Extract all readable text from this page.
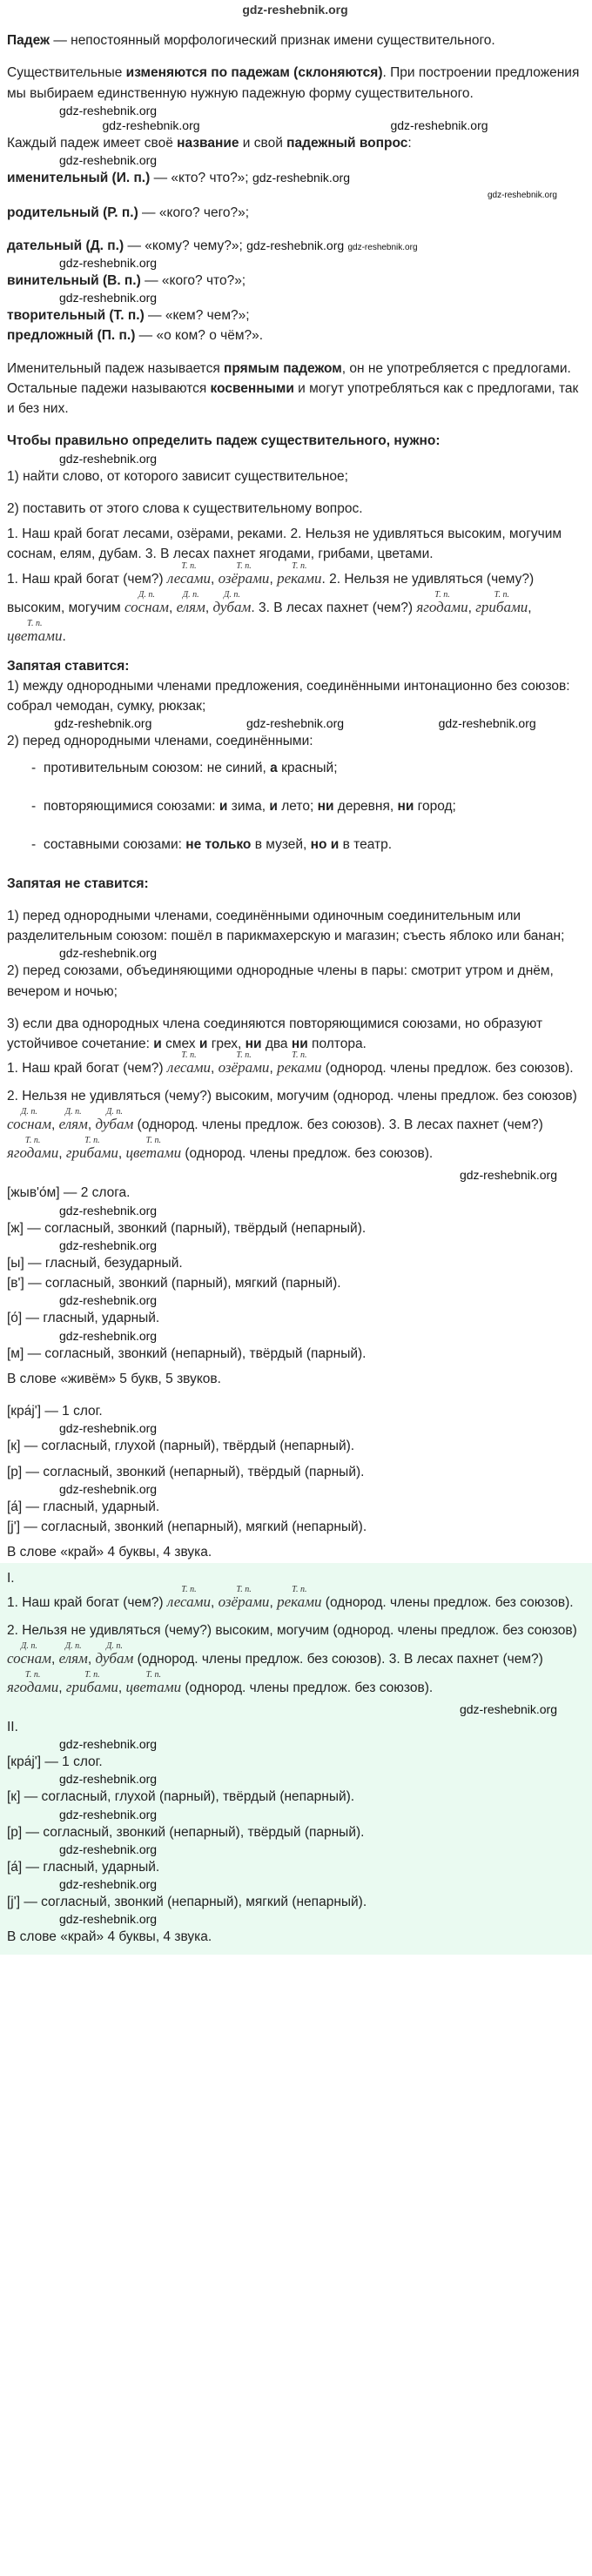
gdz-reshebnik.org

Падеж — непостоянный морфологический признак имени существительного.

Существительные изменяются по падежам (склоняются). При построении предложения мы выбираем единственную нужную падежную форму существительного.

gdz-reshebnik.org
gdz-reshebnik.org	gdz-reshebnik.org

Каждый падеж имеет своё название и свой падежный вопрос:

gdz-reshebnik.org

именительный (И. п.) — «кто? что?»; gdz-reshebnik.org

gdz-reshebnik.org

родительный (Р. п.) — «кого? чего?»;

дательный (Д. п.) — «кому? чему?»; gdz-reshebnik.org gdz-reshebnik.org

gdz-reshebnik.org

винительный (В. п.) — «кого? что?»;

gdz-reshebnik.org

творительный (Т. п.) — «кем? чем?»;

предложный (П. п.) — «о ком? о чём?».

Именительный падеж называется прямым падежом, он не употребляется с предлогами. Остальные падежи называются косвенными и могут употребляться как с предлогами, так и без них.

Чтобы правильно определить падеж существительного, нужно:

gdz-reshebnik.org

1) найти слово, от которого зависит существительное;

2) поставить от этого слова к существительному вопрос.

1. Наш край богат лесами, озёрами, реками. 2. Нельзя не удивляться высоким, могучим соснам, елям, дубам. 3. В лесах пахнет ягодами, грибами, цветами.

1. Наш край богат (чем?)
Т. п.
лесами,
Т. п.
озёрами,
Т. п.
реками. 2. Нельзя не удивляться (чему?) высоким, могучим
Д. п.
соснам,
Д. п.
елям,
Д. п.
дубам. 3. В лесах пахнет (чем?)
Т. п.
ягодами,
Т. п.
грибами,
Т. п.
цветами.

Запятая ставится:

1) между однородными членами предложения, соединёнными интонационно без союзов: собрал чемодан, сумку, рюкзак;

gdz-reshebnik.org	gdz-reshebnik.org	gdz-reshebnik.org

2) перед однородными членами, соединёнными:

- противительным союзом: не синий, а красный;
- повторяющимися союзами: и зима, и лето; ни деревня, ни город;
- составными союзами: не только в музей, но и в театр.

Запятая не ставится:

1) перед однородными членами, соединёнными одиночным соединительным или разделительным союзом: пошёл в парикмахерскую и магазин; съесть яблоко или банан;

gdz-reshebnik.org

2) перед союзами, объединяющими однородные члены в пары: смотрит утром и днём, вечером и ночью;

3) если два однородных члена соединяются повторяющимися союзами, но образуют устойчивое сочетание: и смех и грех, ни два ни полтора.

1. Наш край богат (чем?)
Т. п.
лесами,
Т. п.
озёрами,
Т. п.
реками (однород. члены предлож. без союзов). 2. Нельзя не удивляться (чему?) высоким, могучим (однород. члены предлож. без союзов)
Д. п.
соснам,
Д. п.
елям,
Д. п.
дубам (однород. члены предлож. без союзов). 3. В лесах пахнет (чем?)
Т. п.
ягодами,
Т. п.
грибами,
Т. п.
цветами (однород. члены предлож. без союзов).

gdz-reshebnik.org

[жыв'о́м] — 2 слога.

gdz-reshebnik.org

[ж] — согласный, звонкий (парный), твёрдый (непарный).

gdz-reshebnik.org

[ы] — гласный, безударный.

[в'] — согласный, звонкий (парный), мягкий (парный).

gdz-reshebnik.org

[о́] — гласный, ударный.

gdz-reshebnik.org

[м] — согласный, звонкий (непарный), твёрдый (парный).

В слове «живём» 5 букв, 5 звуков.

[кра́j'] — 1 слог.

gdz-reshebnik.org

[к] — согласный, глухой (парный), твёрдый (непарный).

[р] — согласный, звонкий (непарный), твёрдый (парный).

gdz-reshebnik.org

[а́] — гласный, ударный.

[j'] — согласный, звонкий (непарный), мягкий (непарный).

В слове «край» 4 буквы, 4 звука.

I.

1. Наш край богат (чем?)
Т. п.
лесами,
Т. п.
озёрами,
Т. п.
реками (однород. члены предлож. без союзов). 2. Нельзя не удивляться (чему?) высоким, могучим (однород. члены предлож. без союзов)
Д. п.
соснам,
Д. п.
елям,
Д. п.
дубам (однород. члены предлож. без союзов). 3. В лесах пахнет (чем?)
Т. п.
ягодами,
Т. п.
грибами,
Т. п.
цветами (однород. члены предлож. без союзов).

gdz-reshebnik.org

II.

gdz-reshebnik.org

[кра́j'] — 1 слог.

gdz-reshebnik.org

[к] — согласный, глухой (парный), твёрдый (непарный).

gdz-reshebnik.org

[р] — согласный, звонкий (непарный), твёрдый (парный).

gdz-reshebnik.org

[а́] — гласный, ударный.

gdz-reshebnik.org

[j'] — согласный, звонкий (непарный), мягкий (непарный).

gdz-reshebnik.org

В слове «край» 4 буквы, 4 звука.
